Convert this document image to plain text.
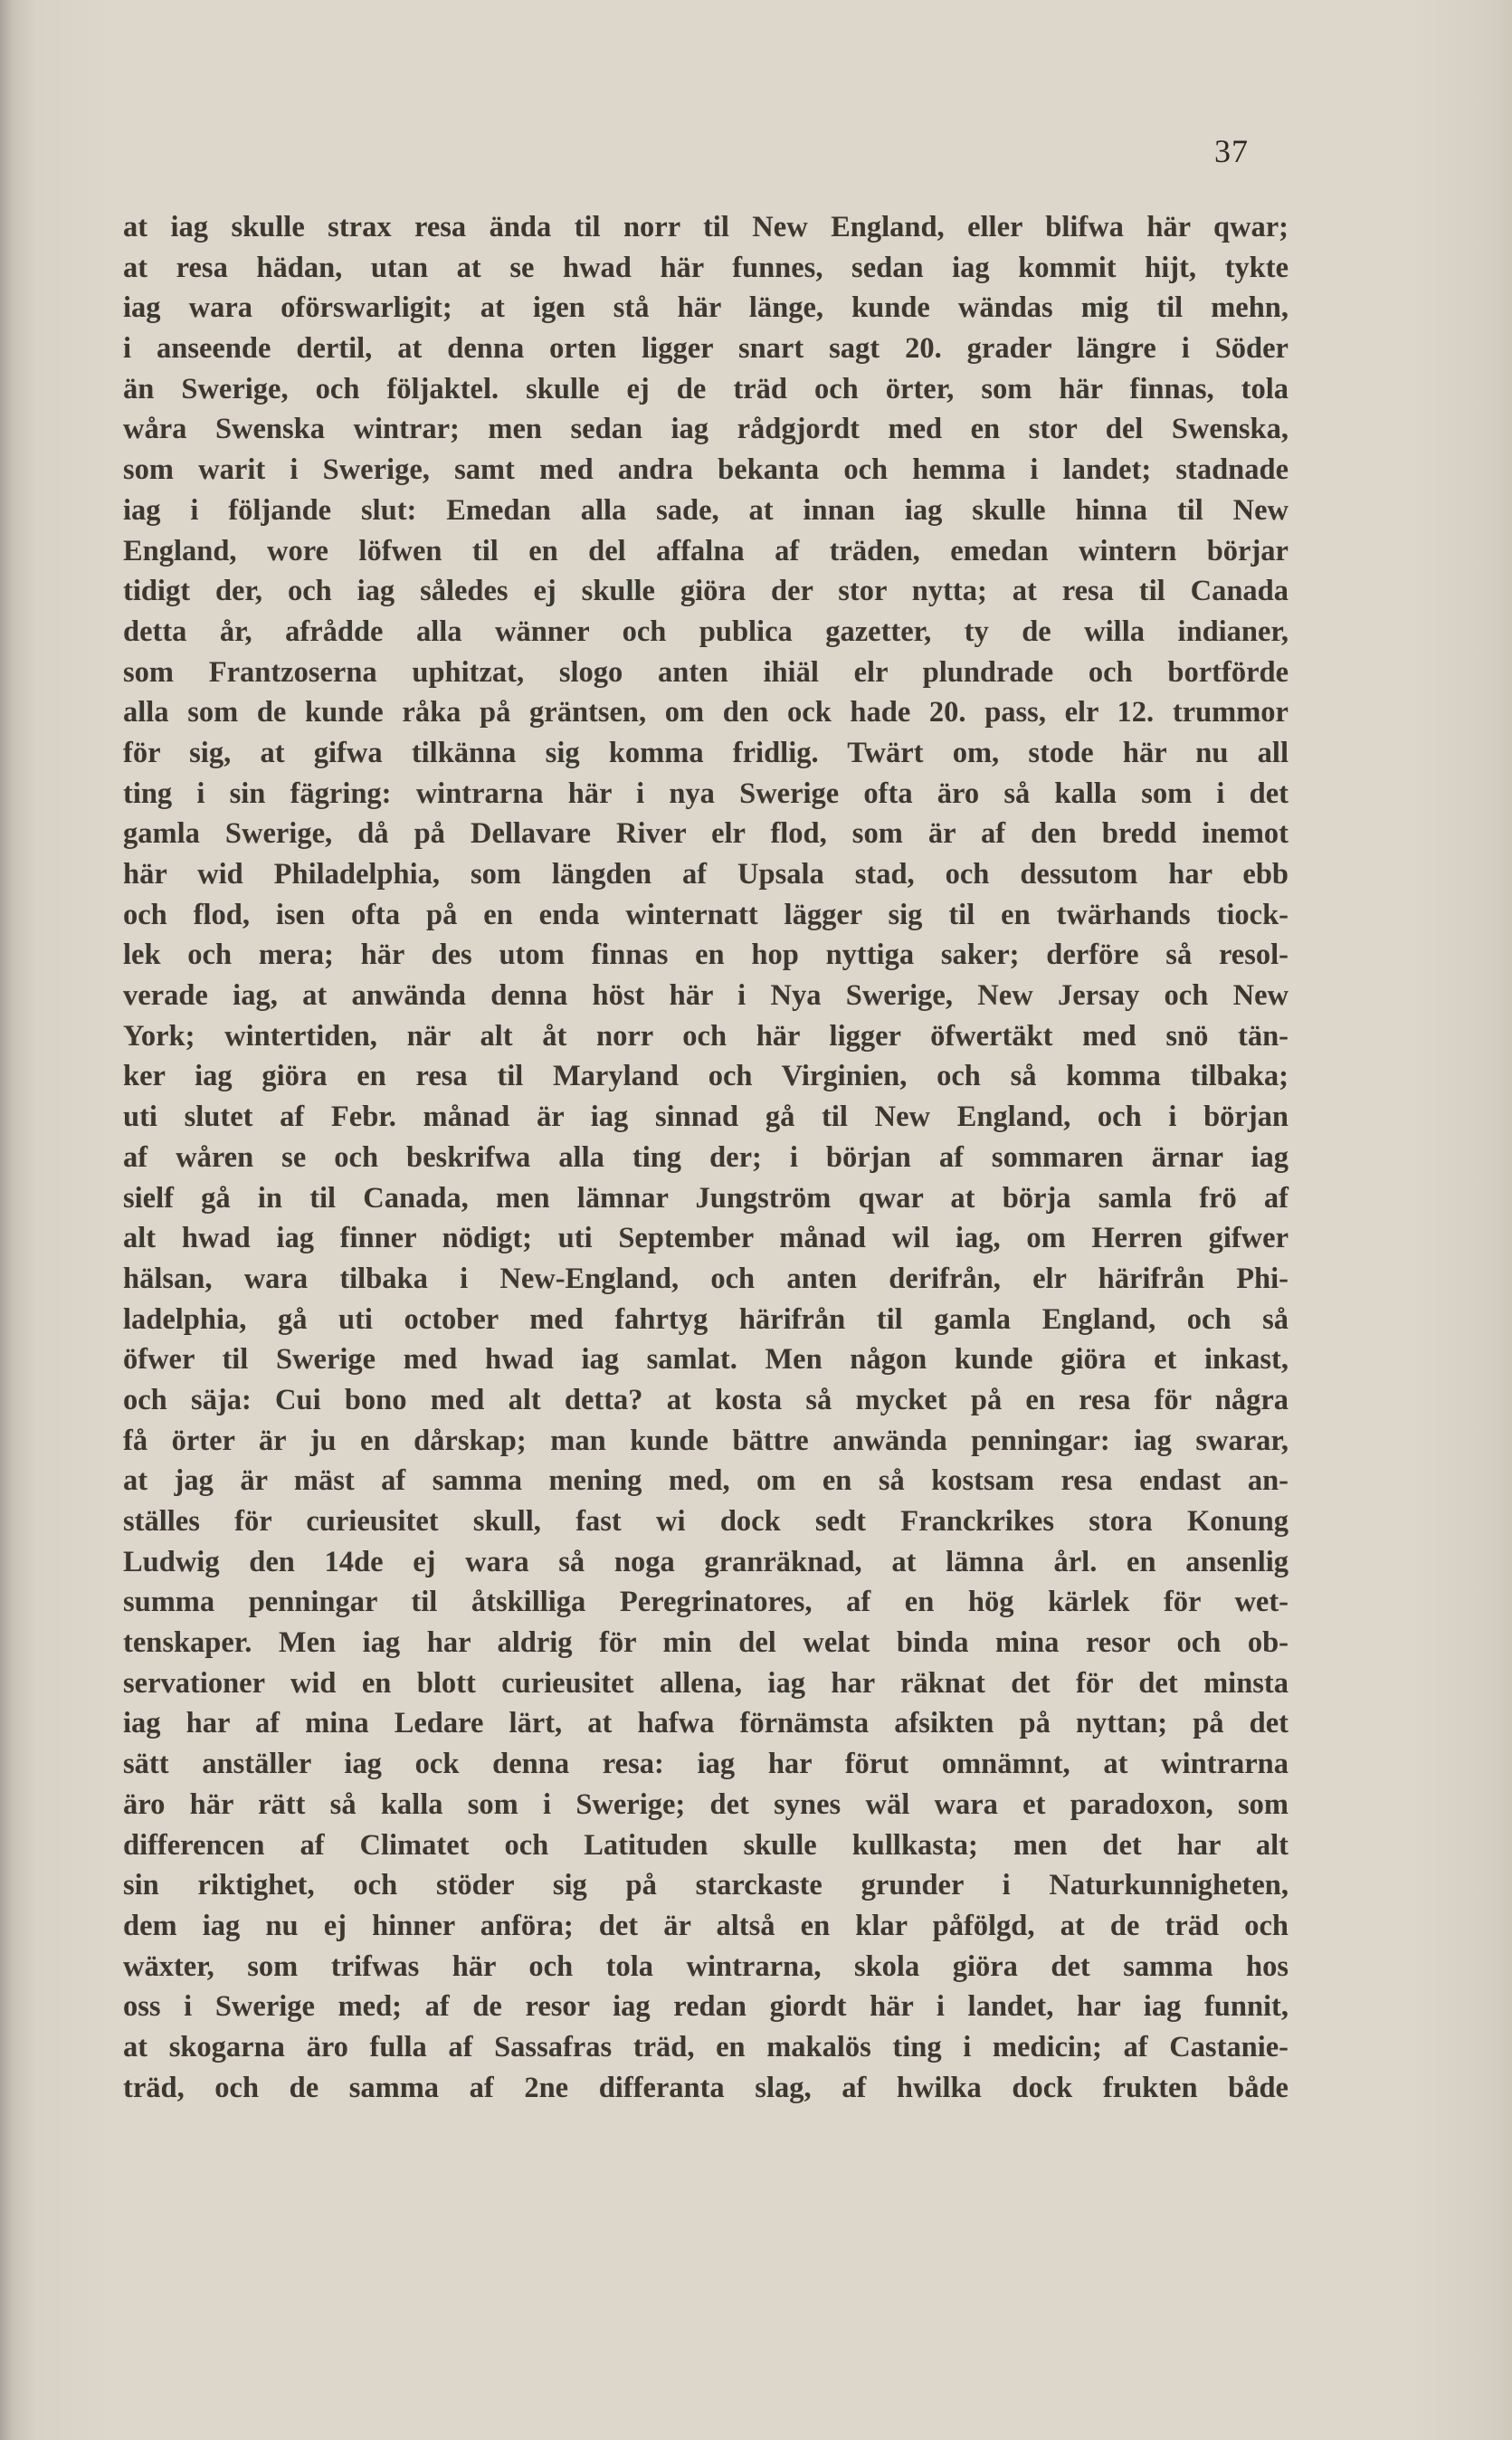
37
at iag skulle strax resa ända til norr til New England, eller blifwa här qwar;
at resa hädan, utan at se hwad här funnes, sedan iag kommit hijt, tykte
iag wara oförswarligit; at igen stå här länge, kunde wändas mig til mehn,
i anseende dertil, at denna orten ligger snart sagt 20. grader längre i Söder
än Swerige, och följaktel. skulle ej de träd och örter, som här finnas, tola
wåra Swenska wintrar; men sedan iag rådgjordt med en stor del Swenska,
som warit i Swerige, samt med andra bekanta och hemma i landet; stadnade
iag i följande slut: Emedan alla sade, at innan iag skulle hinna til New
England, wore löfwen til en del affalna af träden, emedan wintern börjar
tidigt der, och iag således ej skulle giöra der stor nytta; at resa til Canada
detta år, afrådde alla wänner och publica gazetter, ty de willa indianer,
som Frantzoserna uphitzat, slogo anten ihiäl elr plundrade och bortförde
alla som de kunde råka på gräntsen, om den ock hade 20. pass, elr 12. trummor
för sig, at gifwa tilkänna sig komma fridlig. Twärt om, stode här nu all
ting i sin fägring: wintrarna här i nya Swerige ofta äro så kalla som i det
gamla Swerige, då på Dellavare River elr flod, som är af den bredd inemot
här wid Philadelphia, som längden af Upsala stad, och dessutom har ebb
och flod, isen ofta på en enda winternatt lägger sig til en twärhands tiock-
lek och mera; här des utom finnas en hop nyttiga saker; derföre så resol-
verade iag, at anwända denna höst här i Nya Swerige, New Jersay och New
York; wintertiden, när alt åt norr och här ligger öfwertäkt med snö tän-
ker iag giöra en resa til Maryland och Virginien, och så komma tilbaka;
uti slutet af Febr. månad är iag sinnad gå til New England, och i början
af wåren se och beskrifwa alla ting der; i början af sommaren ärnar iag
sielf gå in til Canada, men lämnar Jungström qwar at börja samla frö af
alt hwad iag finner nödigt; uti September månad wil iag, om Herren gifwer
hälsan, wara tilbaka i New-England, och anten derifrån, elr härifrån Phi-
ladelphia, gå uti october med fahrtyg härifrån til gamla England, och så
öfwer til Swerige med hwad iag samlat. Men någon kunde giöra et inkast,
och säja: Cui bono med alt detta? at kosta så mycket på en resa för några
få örter är ju en dårskap; man kunde bättre anwända penningar: iag swarar,
at jag är mäst af samma mening med, om en så kostsam resa endast an-
ställes för curieusitet skull, fast wi dock sedt Franckrikes stora Konung
Ludwig den 14de ej wara så noga granräknad, at lämna årl. en ansenlig
summa penningar til åtskilliga Peregrinatores, af en hög kärlek för wet-
tenskaper. Men iag har aldrig för min del welat binda mina resor och ob-
servationer wid en blott curieusitet allena, iag har räknat det för det minsta
iag har af mina Ledare lärt, at hafwa förnämsta afsikten på nyttan; på det
sätt anställer iag ock denna resa: iag har förut omnämnt, at wintrarna
äro här rätt så kalla som i Swerige; det synes wäl wara et paradoxon, som
differencen af Climatet och Latituden skulle kullkasta; men det har alt
sin riktighet, och stöder sig på starckaste grunder i Naturkunnigheten,
dem iag nu ej hinner anföra; det är altså en klar påfölgd, at de träd och
wäxter, som trifwas här och tola wintrarna, skola giöra det samma hos
oss i Swerige med; af de resor iag redan giordt här i landet, har iag funnit,
at skogarna äro fulla af Sassafras träd, en makalös ting i medicin; af Castanie-
träd, och de samma af 2ne differanta slag, af hwilka dock frukten både
